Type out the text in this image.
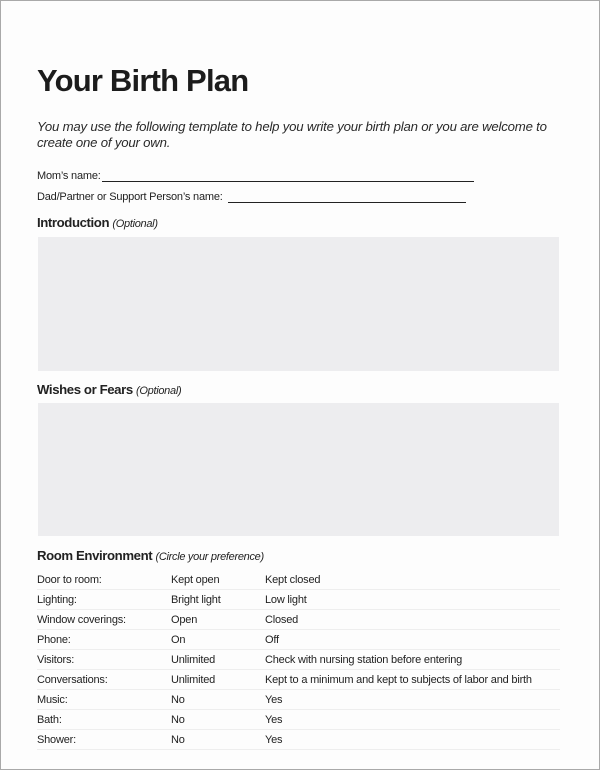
Your Birth Plan
You may use the following template to help you write your birth plan or you are welcome to create one of your own.
Mom’s name:
Dad/Partner or Support Person’s name:
Introduction (Optional)
Wishes or Fears (Optional)
Room Environment (Circle your preference)
Door to room:	Kept open	Kept closed
Lighting:	Bright light	Low light
Window coverings:	Open	Closed
Phone:	On	Off
Visitors:	Unlimited	Check with nursing station before entering
Conversations:	Unlimited	Kept to a minimum and kept to subjects of labor and birth
Music:	No	Yes
Bath:	No	Yes
Shower:	No	Yes
